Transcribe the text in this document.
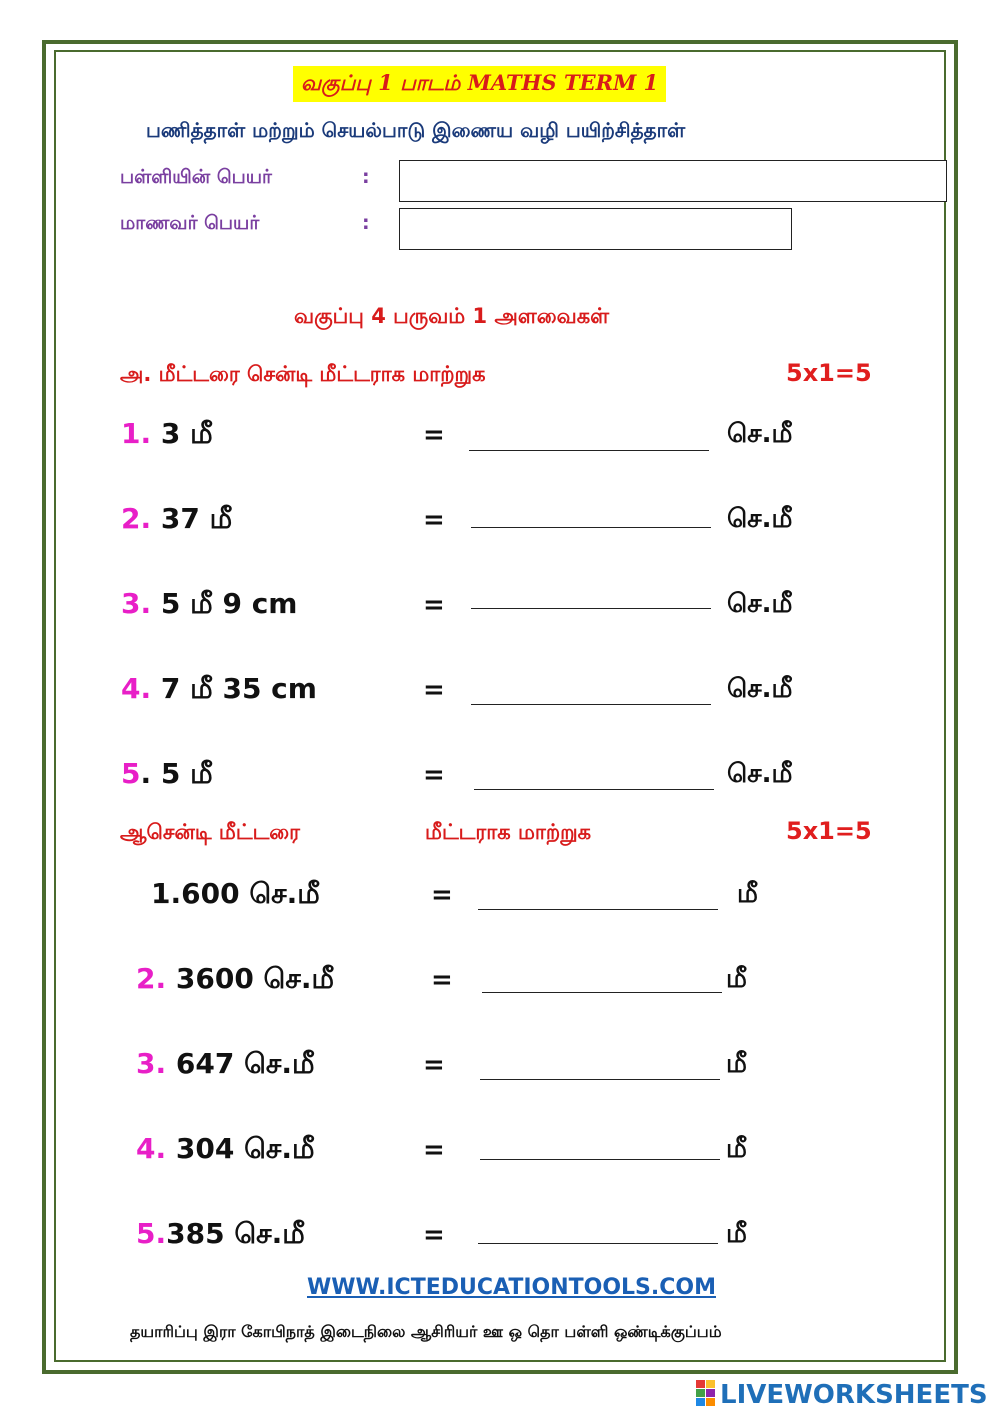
வகுப்பு 1 பாடம் MATHS TERM 1
பணித்தாள் மற்றும் செயல்பாடு இணைய வழி பயிற்சித்தாள்
பள்ளியின் பெயர்	:
மாணவர் பெயர்	:
வகுப்பு 4 பருவம் 1 அளவைகள்
அ. மீட்டரை சென்டி மீட்டராக மாற்றுக	5x1=5
1. 3 மீ	=	செ.மீ
2. 37 மீ	=	செ.மீ
3. 5 மீ 9 cm	=	செ.மீ
4. 7 மீ 35 cm	=	செ.மீ
5. 5 மீ	=	செ.மீ
ஆசென்டி மீட்டரை	மீட்டராக மாற்றுக	5x1=5
1.600 செ.மீ	=	மீ
2. 3600 செ.மீ	=	மீ
3. 647 செ.மீ	=	மீ
4. 304 செ.மீ	=	மீ
5.385 செ.மீ	=	மீ
WWW.ICTEDUCATIONTOOLS.COM
தயாரிப்பு இரா கோபிநாத் இடைநிலை ஆசிரியர் ஊ ஒ தொ பள்ளி ஒண்டிக்குப்பம்
LIVEWORKSHEETS
